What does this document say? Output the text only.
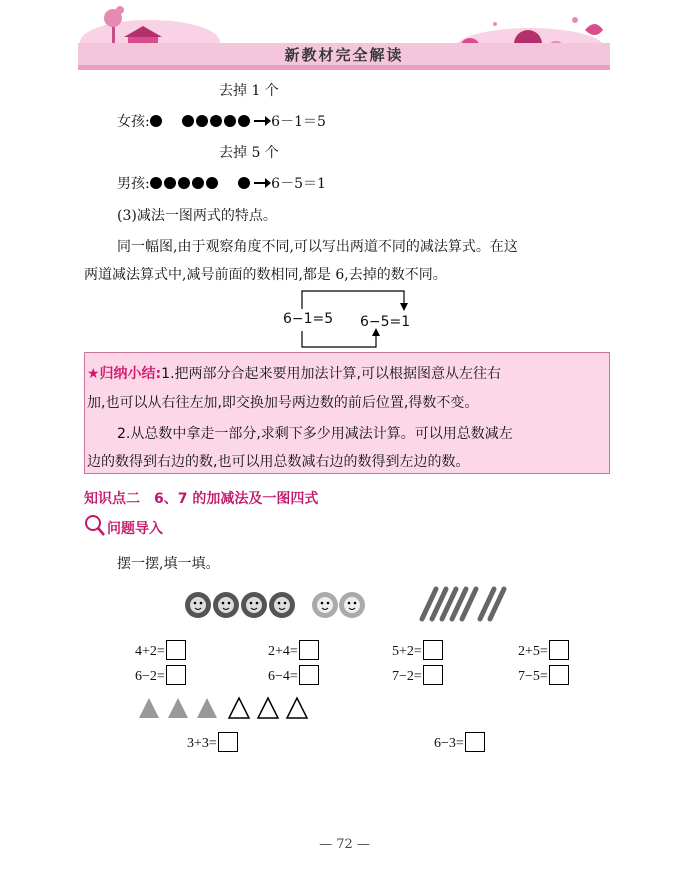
新教材完全解读
去掉 1 个
女孩:	6－1＝5
去掉 5 个
男孩:	6－5＝1
(3)减法一图两式的特点。
同一幅图,由于观察角度不同,可以写出两道不同的减法算式。在这
两道减法算式中,减号前面的数相同,都是 6,去掉的数不同。
6−1=5 6−5=1
★归纳小结:1.把两部分合起来要用加法计算,可以根据图意从左往右
加,也可以从右往左加,即交换加号两边数的前后位置,得数不变。
2.从总数中拿走一部分,求剩下多少用减法计算。可以用总数减左
边的数得到右边的数,也可以用总数减右边的数得到左边的数。
知识点二　6、7 的加减法及一图四式
问题导入
摆一摆,填一填。
4+2=	2+4=	5+2=	2+5=
6−2=	6−4=	7−2=	7−5=
3+3=	6−3=
— 72 —
